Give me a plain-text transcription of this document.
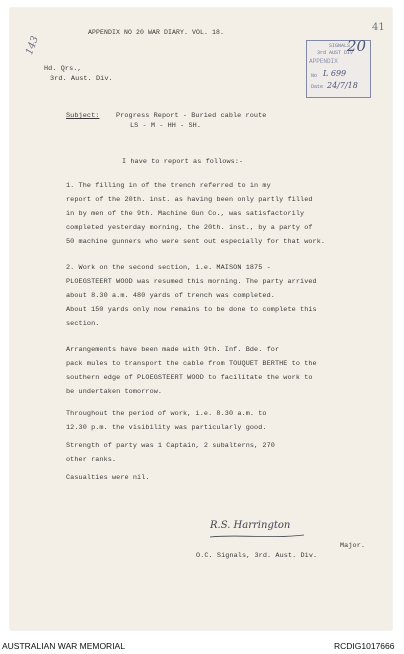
APPENDIX NO 20 WAR DIARY. VOL. 18.	41
143	SIGNALS.
3rd AUST DIV
APPENDIX
20
No L 699
Date 24/7/18
Hd. Qrs.,
3rd. Aust. Div.
Subject: Progress Report - Buried cable route
LS - M - HH - SH.
I have to report as follows:-
1. The filling in of the trench referred to in my
report of the 20th. inst. as having been only partly filled
in by men of the 9th. Machine Gun Co., was satisfactorily
completed yesterday morning, the 20th. inst., by a party of
50 machine gunners who were sent out especially for that work.
2. Work on the second section, i.e. MAISON 1875 -
PLOEGSTEERT WOOD was resumed this morning. The party arrived
about 8.30 a.m. 480 yards of trench was completed.
About 150 yards only now remains to be done to complete this
section.
Arrangements have been made with 9th. Inf. Bde. for
pack mules to transport the cable from TOUQUET BERTHE to the
southern edge of PLOEGSTEERT WOOD to facilitate the work to
be undertaken tomorrow.
Throughout the period of work, i.e. 8.30 a.m. to
12.30 p.m. the visibility was particularly good.
Strength of party was 1 Captain, 2 subalterns, 270
other ranks.
Casualties were nil.
R.S. Harrington
Major.
O.C. Signals, 3rd. Aust. Div.
AUSTRALIAN WAR MEMORIAL	RCDIG1017666
